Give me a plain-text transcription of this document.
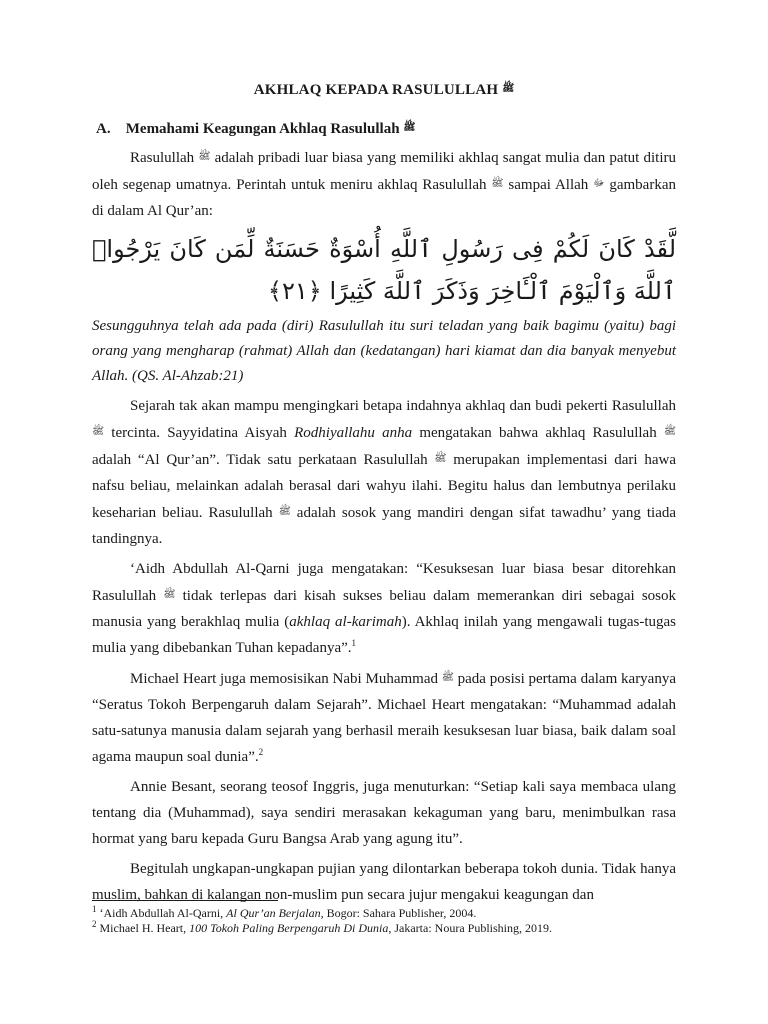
AKHLAQ KEPADA RASULULLAH $^ﷺ$
A. Memahami Keagungan Akhlaq Rasulullah $^ﷺ$

Rasulullah $^ﷺ$ adalah pribadi luar biasa yang memiliki akhlaq sangat mulia dan patut ditiru oleh segenap umatnya. Perintah untuk meniru akhlaq Rasulullah $^ﷺ$ sampai Allah $^ﷻ$ gambarkan di dalam Al Qur’an:

لَّقَدْ كَانَ لَكُمْ فِى رَسُولِ ٱللَّهِ أُسْوَةٌ حَسَنَةٌ لِّمَن كَانَ يَرْجُوا۟ ٱللَّهَ وَٱلْيَوْمَ ٱلْـَٔاخِرَ وَذَكَرَ ٱللَّهَ كَثِيرًا ﴿٢١﴾

Sesungguhnya telah ada pada (diri) Rasulullah itu suri teladan yang baik bagimu (yaitu) bagi orang yang mengharap (rahmat) Allah dan (kedatangan) hari kiamat dan dia banyak menyebut Allah. (QS. Al-Ahzab:21)

Sejarah tak akan mampu mengingkari betapa indahnya akhlaq dan budi pekerti Rasulullah $^ﷺ$ tercinta. Sayyidatina Aisyah Rodhiyallahu anha mengatakan bahwa akhlaq Rasulullah $^ﷺ$ adalah “Al Qur’an”. Tidak satu perkataan Rasulullah $^ﷺ$ merupakan implementasi dari hawa nafsu beliau, melainkan adalah berasal dari wahyu ilahi. Begitu halus dan lembutnya perilaku keseharian beliau. Rasulullah $^ﷺ$ adalah sosok yang mandiri dengan sifat tawadhu’ yang tiada tandingnya.

‘Aidh Abdullah Al-Qarni juga mengatakan: “Kesuksesan luar biasa besar ditorehkan Rasulullah $^ﷺ$ tidak terlepas dari kisah sukses beliau dalam memerankan diri sebagai sosok manusia yang berakhlaq mulia (akhlaq al-karimah). Akhlaq inilah yang mengawali tugas-tugas mulia yang dibebankan Tuhan kepadanya”.$^1$

Michael Heart juga memosisikan Nabi Muhammad $^ﷺ$ pada posisi pertama dalam karyanya “Seratus Tokoh Berpengaruh dalam Sejarah”. Michael Heart mengatakan: “Muhammad adalah satu-satunya manusia dalam sejarah yang berhasil meraih kesuksesan luar biasa, baik dalam soal agama maupun soal dunia”.$^2$

Annie Besant, seorang teosof Inggris, juga menuturkan: “Setiap kali saya membaca ulang tentang dia (Muhammad), saya sendiri merasakan kekaguman yang baru, menimbulkan rasa hormat yang baru kepada Guru Bangsa Arab yang agung itu”.

Begitulah ungkapan-ungkapan pujian yang dilontarkan beberapa tokoh dunia. Tidak hanya muslim, bahkan di kalangan non-muslim pun secara jujur mengakui keagungan dan

$^1$ ‘Aidh Abdullah Al-Qarni, Al Qur’an Berjalan, Bogor: Sahara Publisher, 2004.
$^2$ Michael H. Heart, 100 Tokoh Paling Berpengaruh Di Dunia, Jakarta: Noura Publishing, 2019.
